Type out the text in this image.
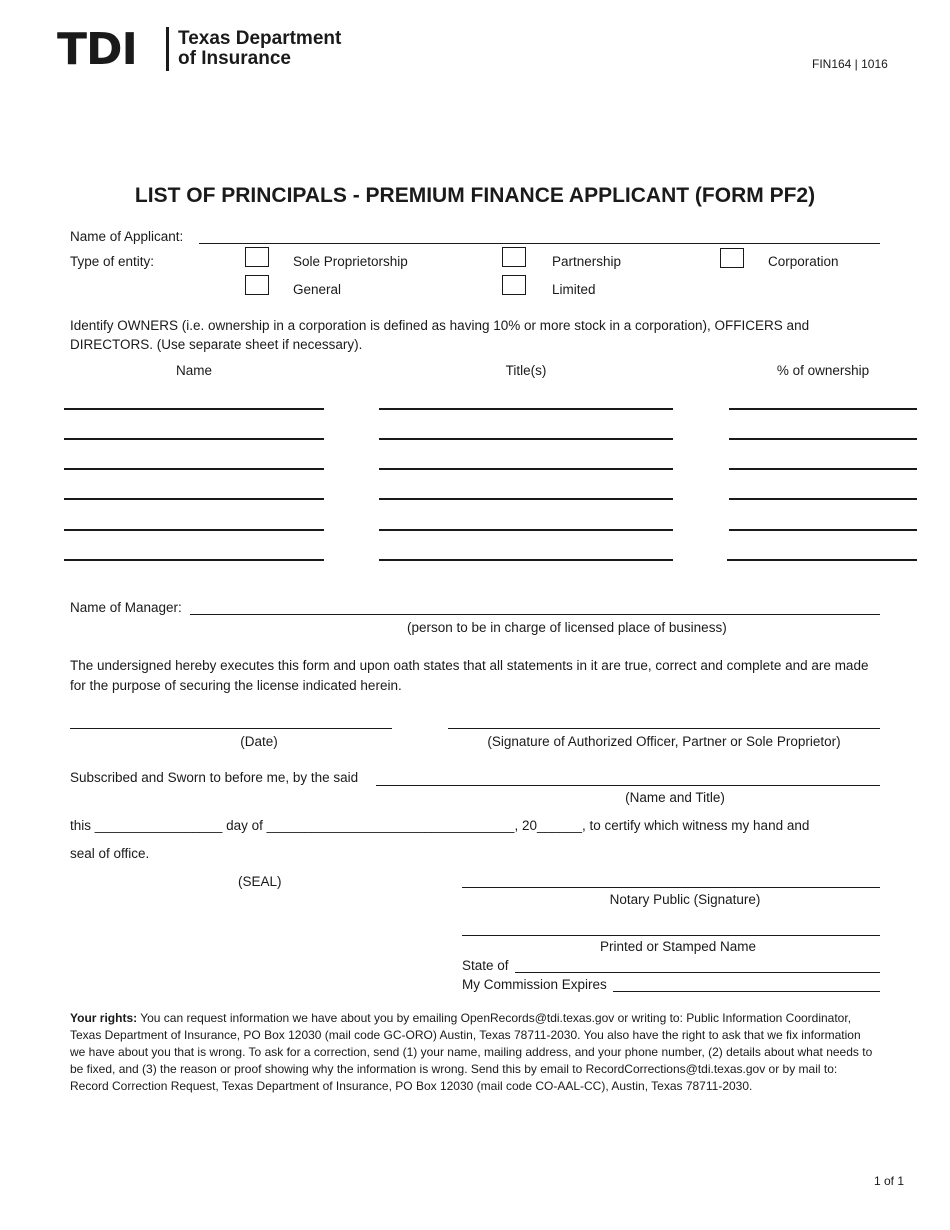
TDI Texas Department
of Insurance	FIN164 | 1016
LIST OF PRINCIPALS - PREMIUM FINANCE APPLICANT (FORM PF2)
Name of Applicant:
Type of entity:	Sole Proprietorship	Partnership	Corporation
General	Limited
Identify OWNERS (i.e. ownership in a corporation is defined as having 10% or more stock in a corporation), OFFICERS and DIRECTORS. (Use separate sheet if necessary).
Name	Title(s)	% of ownership
Name of Manager:
(person to be in charge of licensed place of business)
The undersigned hereby executes this form and upon oath states that all statements in it are true, correct and complete and are made for the purpose of securing the license indicated herein.
(Date)	(Signature of Authorized Officer, Partner or Sole Proprietor)
Subscribed and Sworn to before me, by the said
(Name and Title)
this _________________ day of _________________________________, 20______, to certify which witness my hand and
seal of office.
(SEAL)
Notary Public (Signature)
Printed or Stamped Name
State of
My Commission Expires
Your rights: You can request information we have about you by emailing OpenRecords@tdi.texas.gov or writing to: Public Information Coordinator, Texas Department of Insurance, PO Box 12030 (mail code GC-ORO) Austin, Texas 78711-2030. You also have the right to ask that we fix information we have about you that is wrong. To ask for a correction, send (1) your name, mailing address, and your phone number, (2) details about what needs to be fixed, and (3) the reason or proof showing why the information is wrong. Send this by email to RecordCorrections@tdi.texas.gov or by mail to: Record Correction Request, Texas Department of Insurance, PO Box 12030 (mail code CO-AAL-CC), Austin, Texas 78711-2030.
1 of 1
